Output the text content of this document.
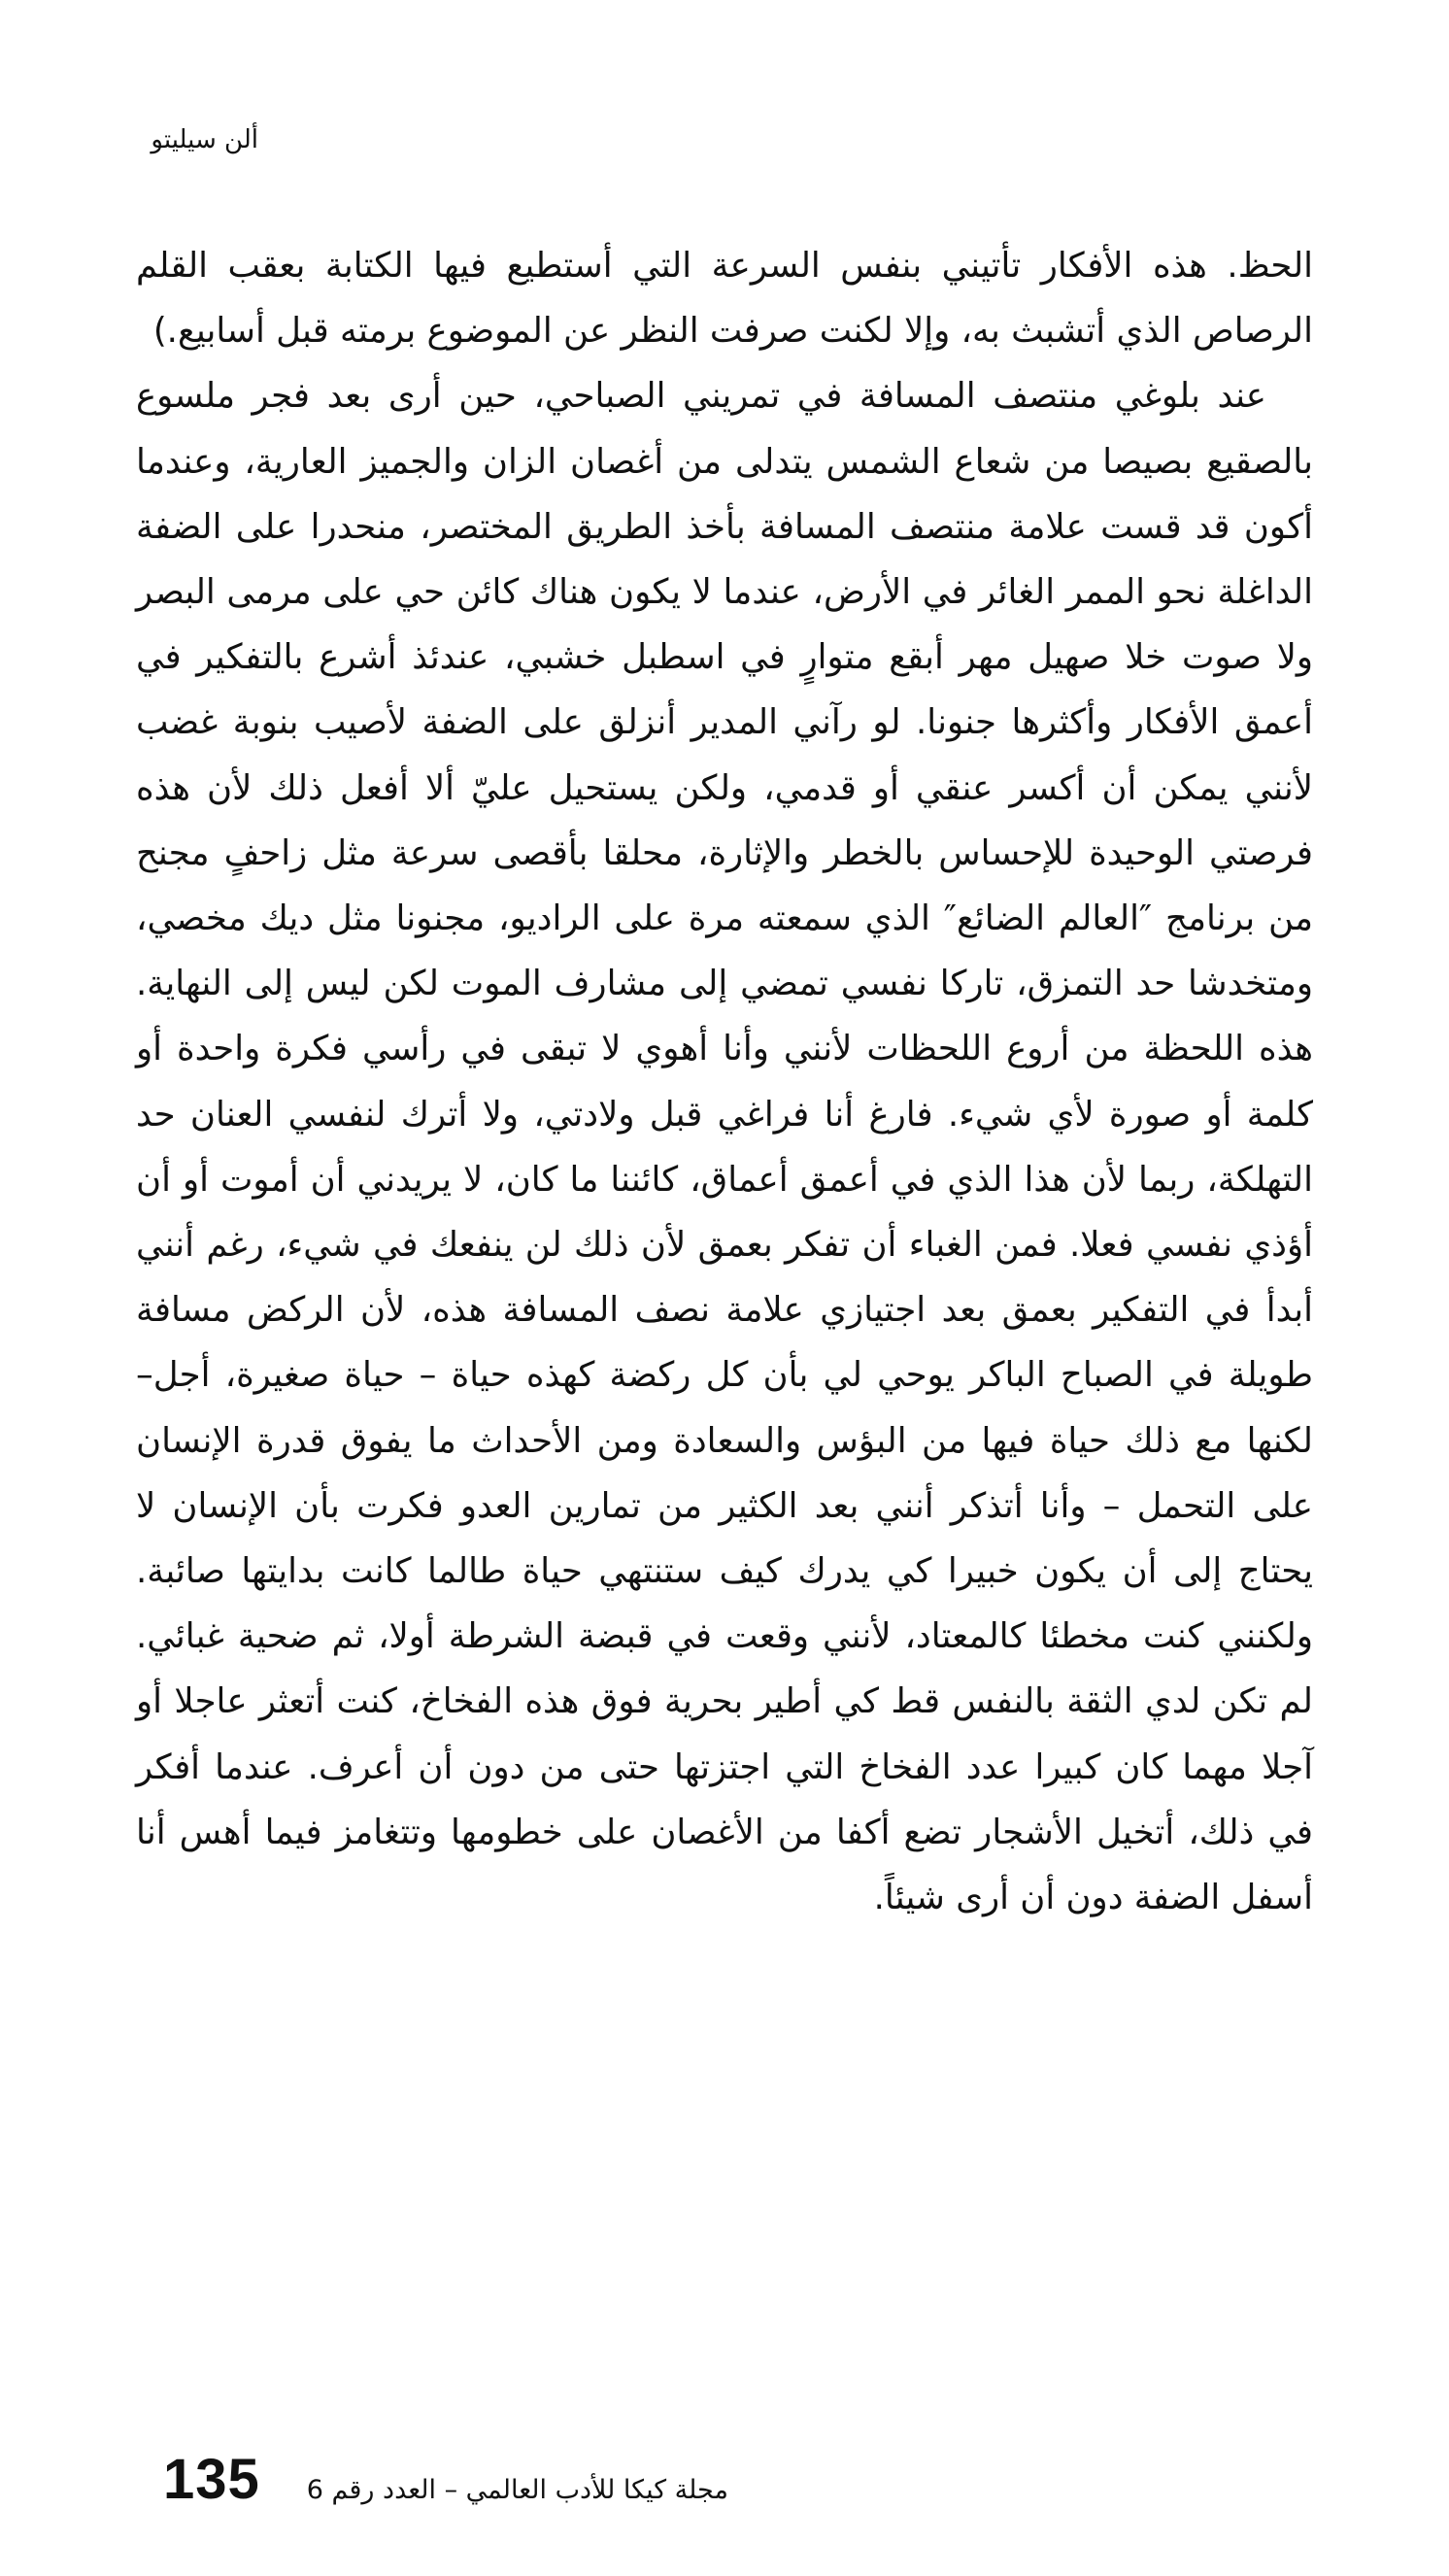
ألن سيليتو

الحظ. هذه الأفكار تأتيني بنفس السرعة التي أستطيع فيها الكتابة بعقب القلم الرصاص الذي أتشبث به، وإلا لكنت صرفت النظر عن الموضوع برمته قبل أسابيع.)

عند بلوغي منتصف المسافة في تمريني الصباحي، حين أرى بعد فجر ملسوع بالصقيع بصيصا من شعاع الشمس يتدلى من أغصان الزان والجميز العارية، وعندما أكون قد قست علامة منتصف المسافة بأخذ الطريق المختصر، منحدرا على الضفة الداغلة نحو الممر الغائر في الأرض، عندما لا يكون هناك كائن حي على مرمى البصر ولا صوت خلا صهيل مهر أبقع متوارٍ في اسطبل خشبي، عندئذ أشرع بالتفكير في أعمق الأفكار وأكثرها جنونا. لو رآني المدير أنزلق على الضفة لأصيب بنوبة غضب لأنني يمكن أن أكسر عنقي أو قدمي، ولكن يستحيل عليّ ألا أفعل ذلك لأن هذه فرصتي الوحيدة للإحساس بالخطر والإثارة، محلقا بأقصى سرعة مثل زاحفٍ مجنح من برنامج ″العالم الضائع″ الذي سمعته مرة على الراديو، مجنونا مثل ديك مخصي، ومتخدشا حد التمزق، تاركا نفسي تمضي إلى مشارف الموت لكن ليس إلى النهاية. هذه اللحظة من أروع اللحظات لأنني وأنا أهوي لا تبقى في رأسي فكرة واحدة أو كلمة أو صورة لأي شيء. فارغ أنا فراغي قبل ولادتي، ولا أترك لنفسي العنان حد التهلكة، ربما لأن هذا الذي في أعمق أعماق، كائننا ما كان، لا يريدني أن أموت أو أن أؤذي نفسي فعلا. فمن الغباء أن تفكر بعمق لأن ذلك لن ينفعك في شيء، رغم أنني أبدأ في التفكير بعمق بعد اجتيازي علامة نصف المسافة هذه، لأن الركض مسافة طويلة في الصباح الباكر يوحي لي بأن كل ركضة كهذه حياة – حياة صغيرة، أجل– لكنها مع ذلك حياة فيها من البؤس والسعادة ومن الأحداث ما يفوق قدرة الإنسان على التحمل – وأنا أتذكر أنني بعد الكثير من تمارين العدو فكرت بأن الإنسان لا يحتاج إلى أن يكون خبيرا كي يدرك كيف ستنتهي حياة طالما كانت بدايتها صائبة. ولكنني كنت مخطئا كالمعتاد، لأنني وقعت في قبضة الشرطة أولا، ثم ضحية غبائي. لم تكن لدي الثقة بالنفس قط كي أطير بحرية فوق هذه الفخاخ، كنت أتعثر عاجلا أو آجلا مهما كان كبيرا عدد الفخاخ التي اجتزتها حتى من دون أن أعرف. عندما أفكر في ذلك، أتخيل الأشجار تضع أكفا من الأغصان على خطومها وتتغامز فيما أهس أنا أسفل الضفة دون أن أرى شيئاً.

135 مجلة كيكا للأدب العالمي – العدد رقم 6
